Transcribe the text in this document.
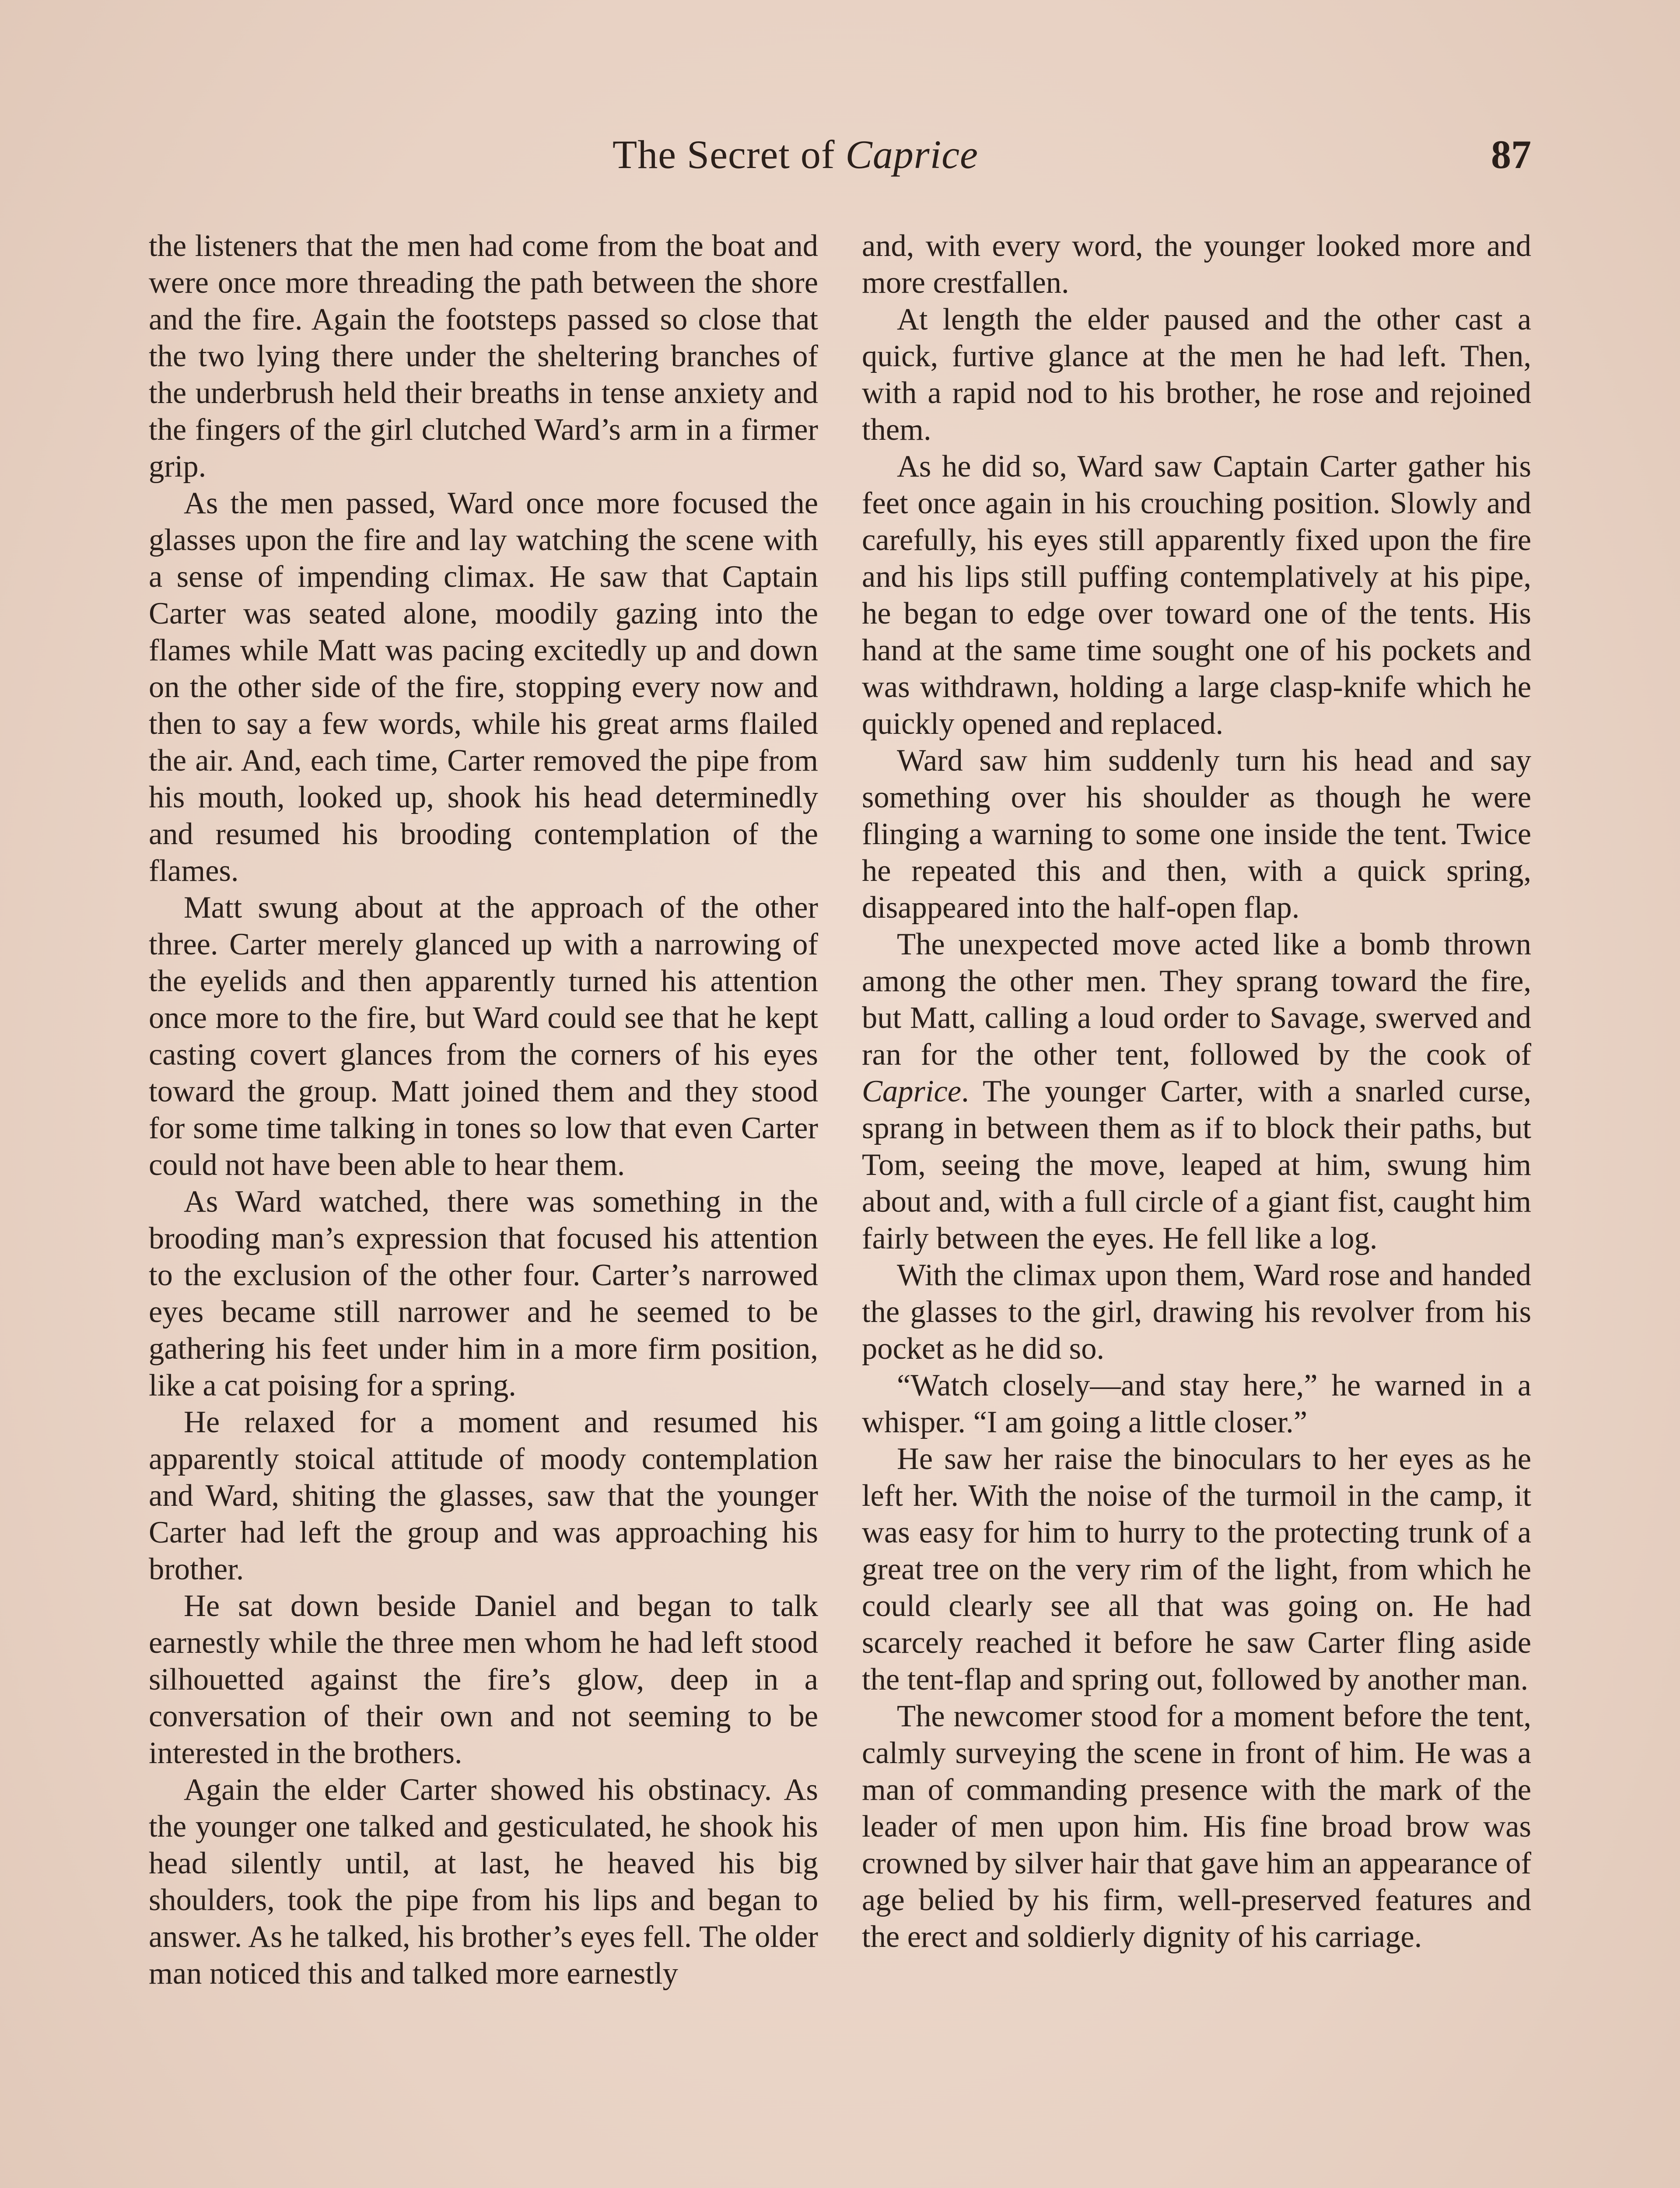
The Secret of Caprice	87

the listeners that the men had come from the boat and were once more threading the path between the shore and the fire. Again the footsteps passed so close that the two lying there under the sheltering branches of the underbrush held their breaths in tense anxiety and the fingers of the girl clutched Ward’s arm in a firmer grip.

As the men passed, Ward once more focused the glasses upon the fire and lay watching the scene with a sense of impending climax. He saw that Captain Carter was seated alone, moodily gazing into the flames while Matt was pacing excitedly up and down on the other side of the fire, stopping every now and then to say a few words, while his great arms flailed the air. And, each time, Carter removed the pipe from his mouth, looked up, shook his head determinedly and resumed his brooding contemplation of the flames.

Matt swung about at the approach of the other three. Carter merely glanced up with a narrowing of the eyelids and then apparently turned his attention once more to the fire, but Ward could see that he kept casting covert glances from the corners of his eyes toward the group. Matt joined them and they stood for some time talking in tones so low that even Carter could not have been able to hear them.

As Ward watched, there was something in the brooding man’s expression that focused his attention to the exclusion of the other four. Carter’s narrowed eyes became still narrower and he seemed to be gathering his feet under him in a more firm position, like a cat poising for a spring.

He relaxed for a moment and resumed his apparently stoical attitude of moody contemplation and Ward, shiting the glasses, saw that the younger Carter had left the group and was approaching his brother.

He sat down beside Daniel and began to talk earnestly while the three men whom he had left stood silhouetted against the fire’s glow, deep in a conversation of their own and not seeming to be interested in the brothers.

Again the elder Carter showed his obstinacy. As the younger one talked and gesticulated, he shook his head silently until, at last, he heaved his big shoulders, took the pipe from his lips and began to answer. As he talked, his brother’s eyes fell. The older man noticed this and talked more earnestly

and, with every word, the younger looked more and more crestfallen.

At length the elder paused and the other cast a quick, furtive glance at the men he had left. Then, with a rapid nod to his brother, he rose and rejoined them.

As he did so, Ward saw Captain Carter gather his feet once again in his crouching position. Slowly and carefully, his eyes still apparently fixed upon the fire and his lips still puffing contemplatively at his pipe, he began to edge over toward one of the tents. His hand at the same time sought one of his pockets and was withdrawn, holding a large clasp-knife which he quickly opened and replaced.

Ward saw him suddenly turn his head and say something over his shoulder as though he were flinging a warning to some one inside the tent. Twice he repeated this and then, with a quick spring, disappeared into the half-open flap.

The unexpected move acted like a bomb thrown among the other men. They sprang toward the fire, but Matt, calling a loud order to Savage, swerved and ran for the other tent, followed by the cook of Caprice. The younger Carter, with a snarled curse, sprang in between them as if to block their paths, but Tom, seeing the move, leaped at him, swung him about and, with a full circle of a giant fist, caught him fairly between the eyes. He fell like a log.

With the climax upon them, Ward rose and handed the glasses to the girl, drawing his revolver from his pocket as he did so.

“Watch closely—and stay here,” he warned in a whisper. “I am going a little closer.”

He saw her raise the binoculars to her eyes as he left her. With the noise of the turmoil in the camp, it was easy for him to hurry to the protecting trunk of a great tree on the very rim of the light, from which he could clearly see all that was going on. He had scarcely reached it before he saw Carter fling aside the tent-flap and spring out, followed by another man.

The newcomer stood for a moment before the tent, calmly surveying the scene in front of him. He was a man of commanding presence with the mark of the leader of men upon him. His fine broad brow was crowned by silver hair that gave him an appearance of age belied by his firm, well-preserved features and the erect and soldierly dignity of his carriage.
